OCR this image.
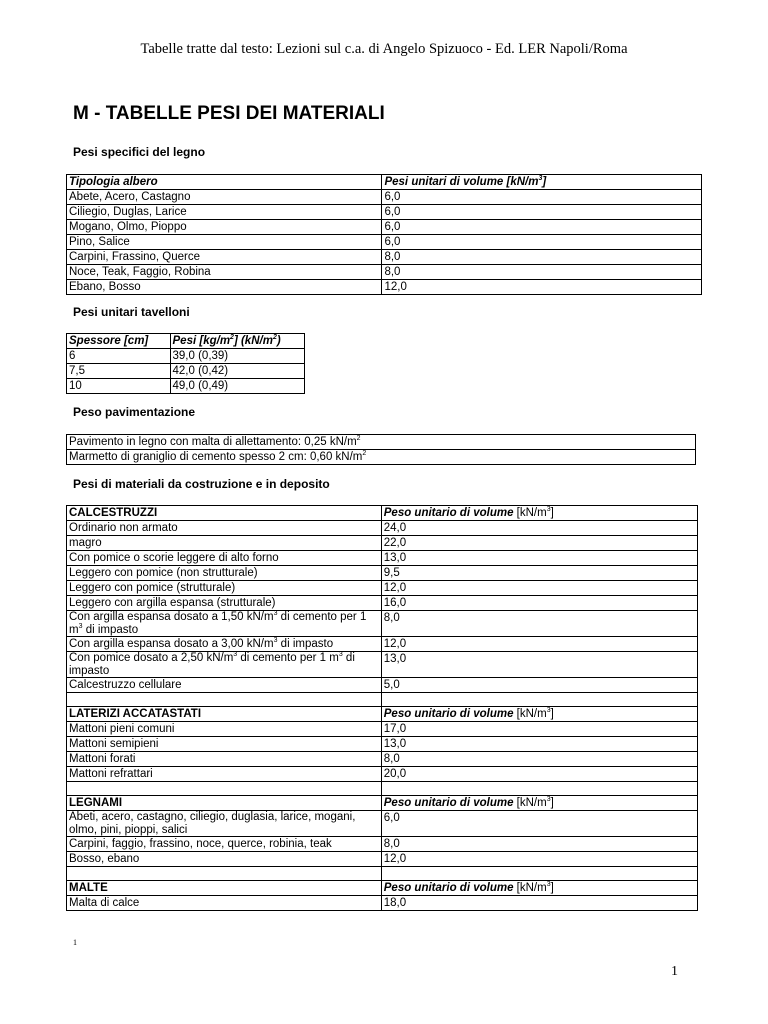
Tabelle tratte dal testo: Lezioni sul c.a. di Angelo Spizuoco - Ed. LER Napoli/Roma
M - TABELLE PESI DEI MATERIALI
Pesi specifici del legno
Tipologia albero	Pesi unitari di volume $[kN/m^3]$
Abete, Acero, Castagno	6,0
Ciliegio, Duglas, Larice	6,0
Mogano, Olmo, Pioppo	6,0
Pino, Salice	6,0
Carpini, Frassino, Querce	8,0
Noce, Teak, Faggio, Robina	8,0
Ebano, Bosso	12,0
Pesi unitari tavelloni
Spessore [cm]	Pesi $[kg/m^2]$ $(kN/m^2)$
6	39,0 (0,39)
7,5	42,0 (0,42)
10	49,0 (0,49)
Peso pavimentazione
Pavimento in legno con malta di allettamento: 0,25 $kN/m^2$
Marmetto di graniglio di cemento spesso 2 cm: 0,60 $kN/m^2$
Pesi di materiali da costruzione e in deposito
CALCESTRUZZI	Peso unitario di volume $[kN/m^3]$
Ordinario non armato	24,0
magro	22,0
Con pomice o scorie leggere di alto forno	13,0
Leggero con pomice (non strutturale)	9,5
Leggero con pomice (strutturale)	12,0
Leggero con argilla espansa (strutturale)	16,0
Con argilla espansa dosato a 1,50 $kN/m^3$ di cemento per 1 $m^3$ di impasto	8,0
Con argilla espansa dosato a 3,00 $kN/m^3$ di impasto	12,0
Con pomice dosato a 2,50 $kN/m^3$ di cemento per 1 $m^3$ di impasto	13,0
Calcestruzzo cellulare	5,0

LATERIZI ACCATASTATI	Peso unitario di volume $[kN/m^3]$
Mattoni pieni comuni	17,0
Mattoni semipieni	13,0
Mattoni forati	8,0
Mattoni refrattari	20,0

LEGNAMI	Peso unitario di volume $[kN/m^3]$
Abeti, acero, castagno, ciliegio, duglasia, larice, mogani, olmo, pini, pioppi, salici	6,0
Carpini, faggio, frassino, noce, querce, robinia, teak	8,0
Bosso, ebano	12,0

MALTE	Peso unitario di volume $[kN/m^3]$
Malta di calce	18,0
1
1
